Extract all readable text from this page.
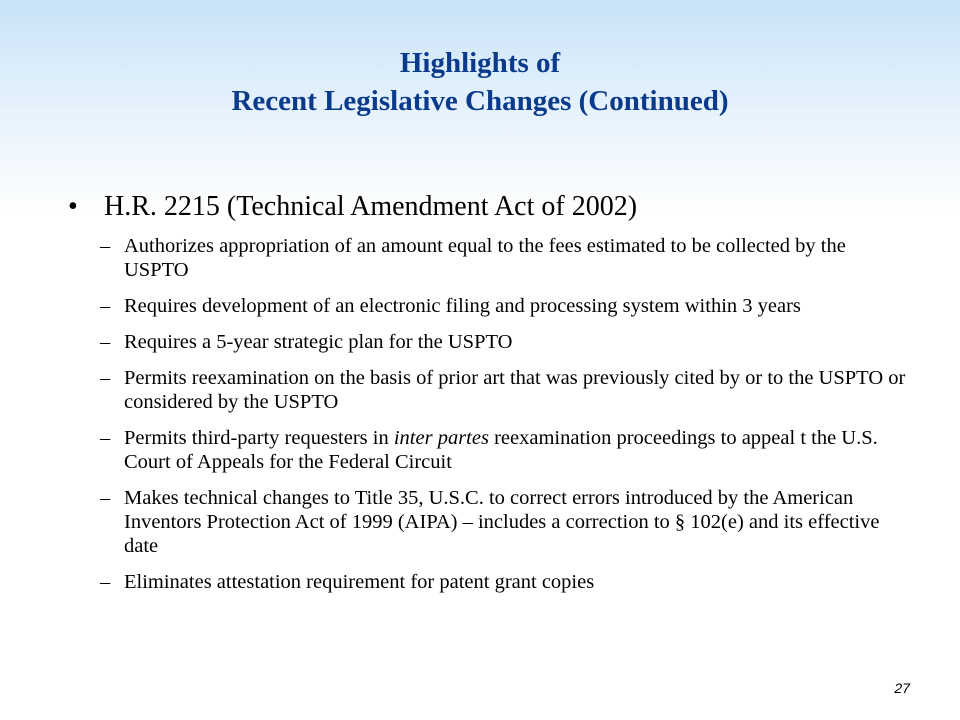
Highlights of
Recent Legislative Changes (Continued)
• H.R. 2215 (Technical Amendment Act of 2002)
– Authorizes appropriation of an amount equal to the fees estimated to be collected by the USPTO
– Requires development of an electronic filing and processing system within 3 years
– Requires a 5-year strategic plan for the USPTO
– Permits reexamination on the basis of prior art that was previously cited by or to the USPTO or considered by the USPTO
– Permits third-party requesters in inter partes reexamination proceedings to appeal t the U.S. Court of Appeals for the Federal Circuit
– Makes technical changes to Title 35, U.S.C. to correct errors introduced by the American Inventors Protection Act of 1999 (AIPA) – includes a correction to § 102(e) and its effective date
– Eliminates attestation requirement for patent grant copies
27
